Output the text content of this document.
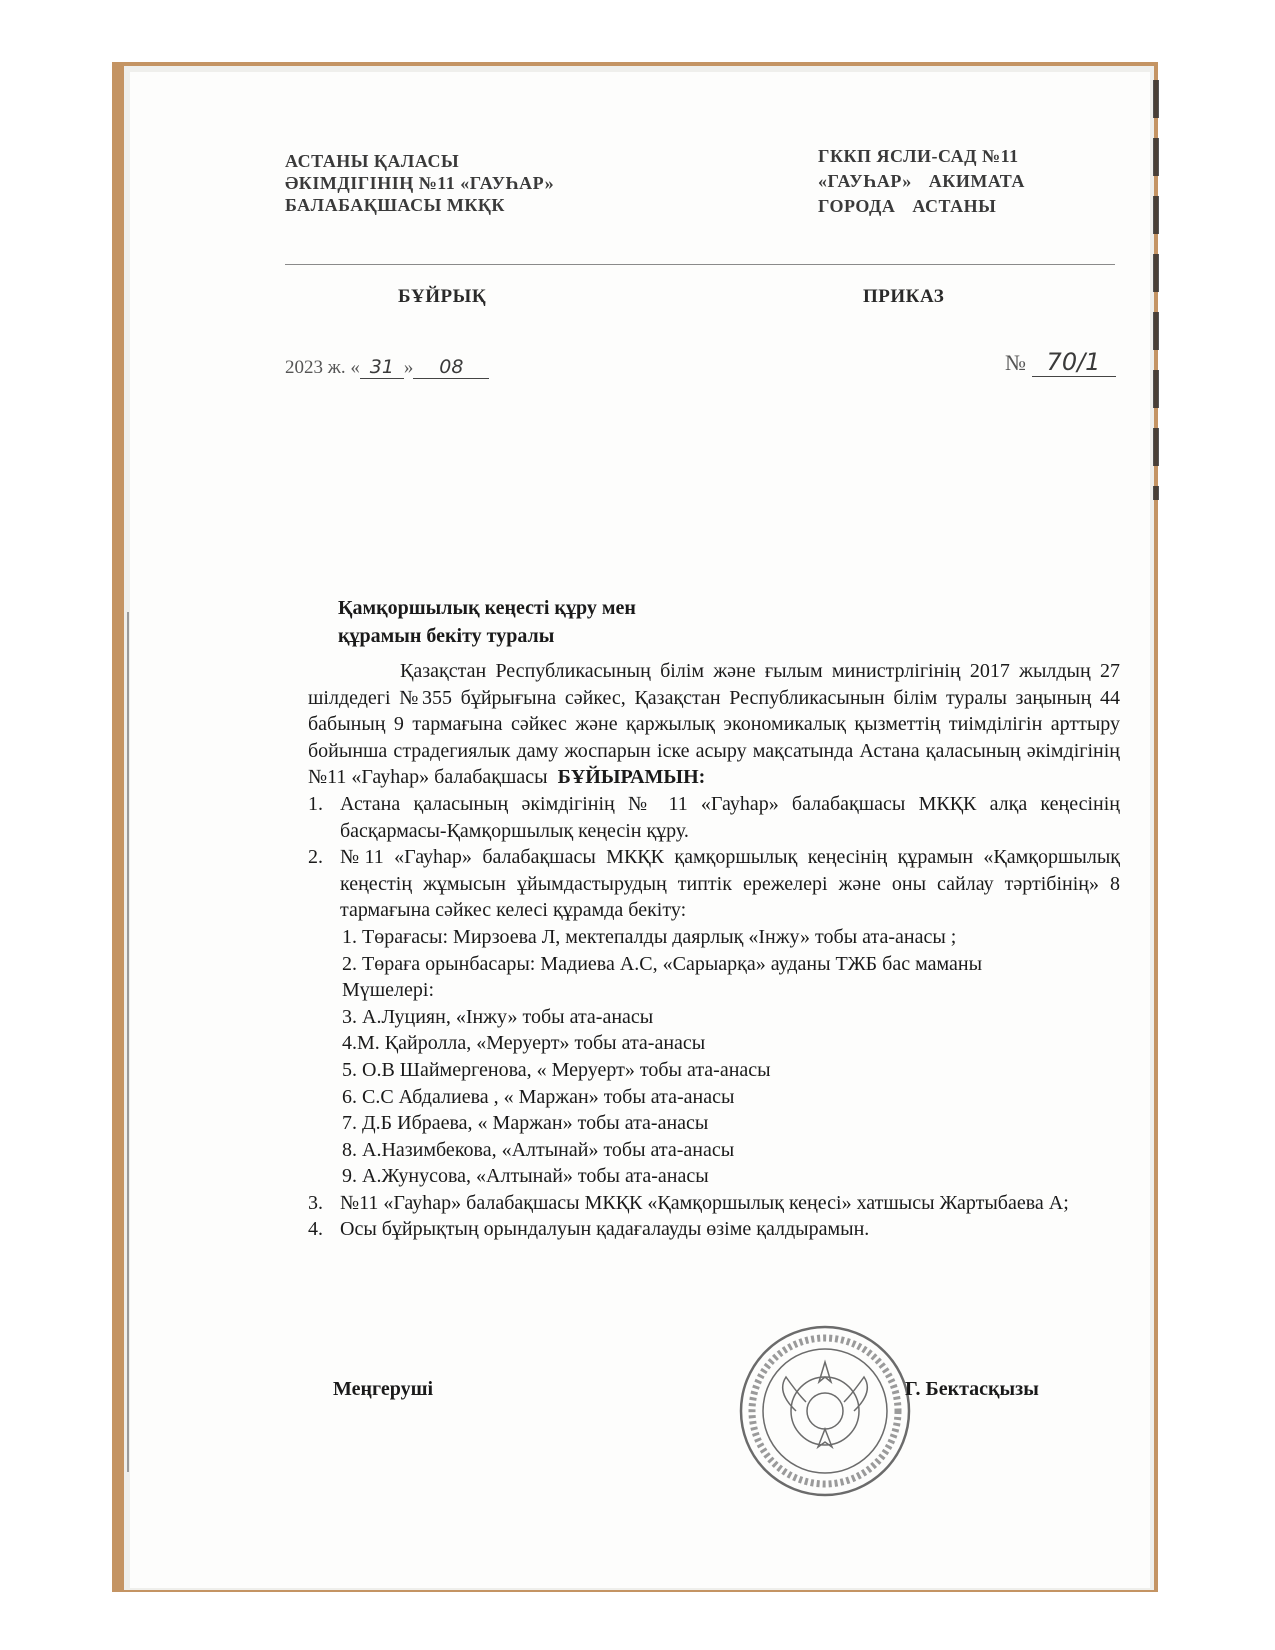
АСТАНЫ ҚАЛАСЫ
ӘКІМДІГІНІҢ №11 «ГАУҺАР»
БАЛАБАҚШАСЫ МКҚК
ГККП ЯСЛИ-САД №11
«ГАУҺАР» АКИМАТА
ГОРОДА АСТАНЫ
БҰЙРЫҚ	ПРИКАЗ
2023 ж. « 31 » 08	№ 70/1
Қамқоршылық кеңесті құру мен
құрамын бекіту туралы

Қазақстан Республикасының білім және ғылым министрлігінің 2017 жылдың 27 шілдедегі №355 бұйрығына сәйкес, Қазақстан Республикасынын білім туралы заңының 44 бабының 9 тармағына сәйкес және қаржылық экономикалық қызметтің тиімділігін арттыру бойынша страдегиялык даму жоспарын іске асыру мақсатында Астана қаласының әкімдігінің №11 «Гауһар» балабақшасы БҰЙЫРАМЫН:

1. Астана қаласының әкімдігінің № 11 «Гауһар» балабақшасы МКҚК алқа кеңесінің басқармасы-Қамқоршылық кеңесін құру.
2. №11 «Гауһар» балабақшасы МКҚК қамқоршылық кеңесінің құрамын «Қамқоршылық кеңестің жұмысын ұйымдастырудың типтік ережелері және оны сайлау тәртібінің» 8 тармағына сәйкес келесі құрамда бекіту:
1. Төрағасы: Мирзоева Л, мектепалды даярлық «Інжу» тобы ата-анасы ;
2. Төраға орынбасары: Мадиева А.С, «Сарыарқа» ауданы ТЖБ бас маманы
Мүшелері:
3. А.Луциян, «Інжу» тобы ата-анасы
4.М. Қайролла, «Меруерт» тобы ата-анасы
5. О.В Шаймергенова, « Меруерт» тобы ата-анасы
6. С.С Абдалиева , « Маржан» тобы ата-анасы
7. Д.Б Ибраева, « Маржан» тобы ата-анасы
8. А.Назимбекова, «Алтынай» тобы ата-анасы
9. А.Жунусова, «Алтынай» тобы ата-анасы
3. №11 «Гауһар» балабақшасы МКҚК «Қамқоршылық кеңесі» хатшысы Жартыбаева А;
4. Осы бұйрықтың орындалуын қадағалауды өзіме қалдырамын.
Меңгеруші	Г. Бектасқызы
